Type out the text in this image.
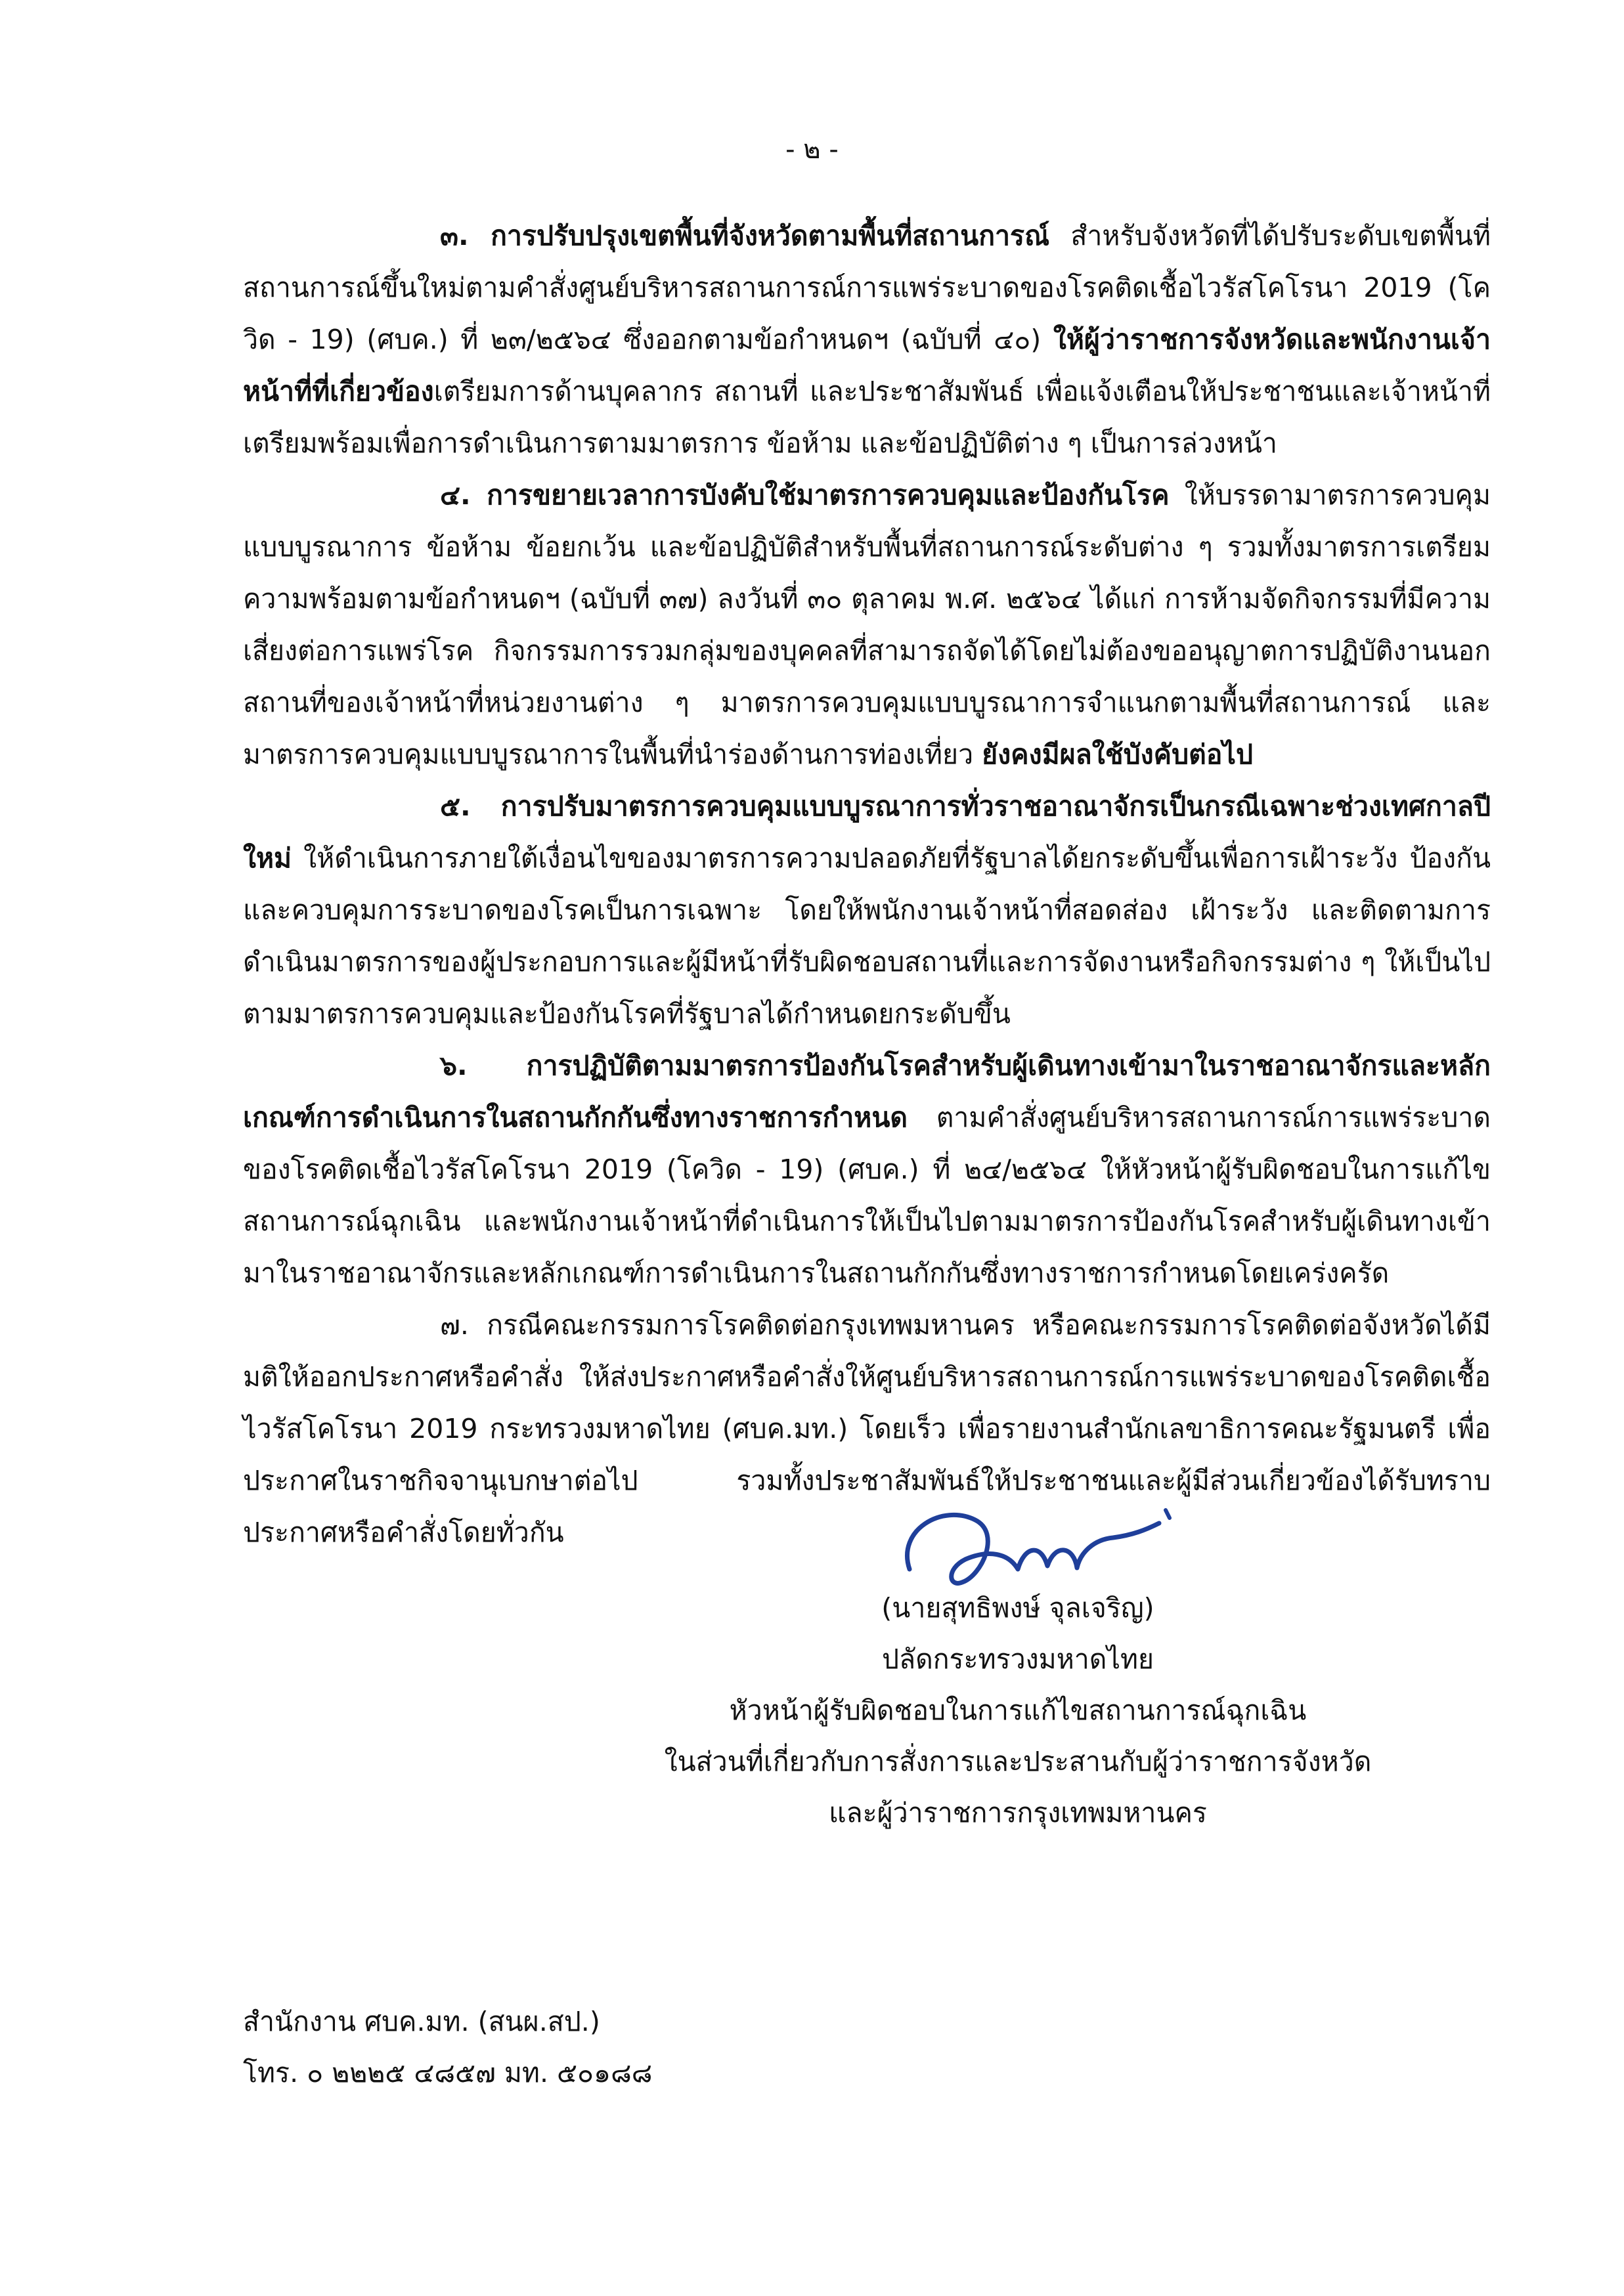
- ๒ -

๓. การปรับปรุงเขตพื้นที่จังหวัดตามพื้นที่สถานการณ์ สำหรับจังหวัดที่ได้ปรับระดับเขตพื้นที่สถานการณ์ขึ้นใหม่ตามคำสั่งศูนย์บริหารสถานการณ์การแพร่ระบาดของโรคติดเชื้อไวรัสโคโรนา 2019 (โควิด - 19) (ศบค.) ที่ ๒๓/๒๕๖๔ ซึ่งออกตามข้อกำหนดฯ (ฉบับที่ ๔๐) ให้ผู้ว่าราชการจังหวัดและพนักงานเจ้าหน้าที่ที่เกี่ยวข้องเตรียมการด้านบุคลากร สถานที่ และประชาสัมพันธ์ เพื่อแจ้งเตือนให้ประชาชนและเจ้าหน้าที่เตรียมพร้อมเพื่อการดำเนินการตามมาตรการ ข้อห้าม และข้อปฏิบัติต่าง ๆ เป็นการล่วงหน้า

๔. การขยายเวลาการบังคับใช้มาตรการควบคุมและป้องกันโรค ให้บรรดามาตรการควบคุมแบบบูรณาการ ข้อห้าม ข้อยกเว้น และข้อปฏิบัติสำหรับพื้นที่สถานการณ์ระดับต่าง ๆ รวมทั้งมาตรการเตรียมความพร้อมตามข้อกำหนดฯ (ฉบับที่ ๓๗) ลงวันที่ ๓๐ ตุลาคม พ.ศ. ๒๕๖๔ ได้แก่ การห้ามจัดกิจกรรมที่มีความเสี่ยงต่อการแพร่โรค กิจกรรมการรวมกลุ่มของบุคคลที่สามารถจัดได้โดยไม่ต้องขออนุญาตการปฏิบัติงานนอกสถานที่ของเจ้าหน้าที่หน่วยงานต่าง ๆ มาตรการควบคุมแบบบูรณาการจำแนกตามพื้นที่สถานการณ์ และมาตรการควบคุมแบบบูรณาการในพื้นที่นำร่องด้านการท่องเที่ยว ยังคงมีผลใช้บังคับต่อไป

๕. การปรับมาตรการควบคุมแบบบูรณาการทั่วราชอาณาจักรเป็นกรณีเฉพาะช่วงเทศกาลปีใหม่ ให้ดำเนินการภายใต้เงื่อนไขของมาตรการความปลอดภัยที่รัฐบาลได้ยกระดับขึ้นเพื่อการเฝ้าระวัง ป้องกันและควบคุมการระบาดของโรคเป็นการเฉพาะ โดยให้พนักงานเจ้าหน้าที่สอดส่อง เฝ้าระวัง และติดตามการดำเนินมาตรการของผู้ประกอบการและผู้มีหน้าที่รับผิดชอบสถานที่และการจัดงานหรือกิจกรรมต่าง ๆ ให้เป็นไปตามมาตรการควบคุมและป้องกันโรคที่รัฐบาลได้กำหนดยกระดับขึ้น

๖. การปฏิบัติตามมาตรการป้องกันโรคสำหรับผู้เดินทางเข้ามาในราชอาณาจักรและหลักเกณฑ์การดำเนินการในสถานกักกันซึ่งทางราชการกำหนด ตามคำสั่งศูนย์บริหารสถานการณ์การแพร่ระบาดของโรคติดเชื้อไวรัสโคโรนา 2019 (โควิด - 19) (ศบค.) ที่ ๒๔/๒๕๖๔ ให้หัวหน้าผู้รับผิดชอบในการแก้ไขสถานการณ์ฉุกเฉิน และพนักงานเจ้าหน้าที่ดำเนินการให้เป็นไปตามมาตรการป้องกันโรคสำหรับผู้เดินทางเข้ามาในราชอาณาจักรและหลักเกณฑ์การดำเนินการในสถานกักกันซึ่งทางราชการกำหนดโดยเคร่งครัด

๗. กรณีคณะกรรมการโรคติดต่อกรุงเทพมหานคร หรือคณะกรรมการโรคติดต่อจังหวัดได้มีมติให้ออกประกาศหรือคำสั่ง ให้ส่งประกาศหรือคำสั่งให้ศูนย์บริหารสถานการณ์การแพร่ระบาดของโรคติดเชื้อไวรัสโคโรนา 2019 กระทรวงมหาดไทย (ศบค.มท.) โดยเร็ว เพื่อรายงานสำนักเลขาธิการคณะรัฐมนตรี เพื่อประกาศในราชกิจจานุเบกษาต่อไป รวมทั้งประชาสัมพันธ์ให้ประชาชนและผู้มีส่วนเกี่ยวข้องได้รับทราบประกาศหรือคำสั่งโดยทั่วกัน

(นายสุทธิพงษ์ จุลเจริญ)
ปลัดกระทรวงมหาดไทย
หัวหน้าผู้รับผิดชอบในการแก้ไขสถานการณ์ฉุกเฉิน
ในส่วนที่เกี่ยวกับการสั่งการและประสานกับผู้ว่าราชการจังหวัด
และผู้ว่าราชการกรุงเทพมหานคร
สำนักงาน ศบค.มท. (สนผ.สป.)
โทร. ๐ ๒๒๒๕ ๔๘๕๗ มท. ๕๐๑๘๘
